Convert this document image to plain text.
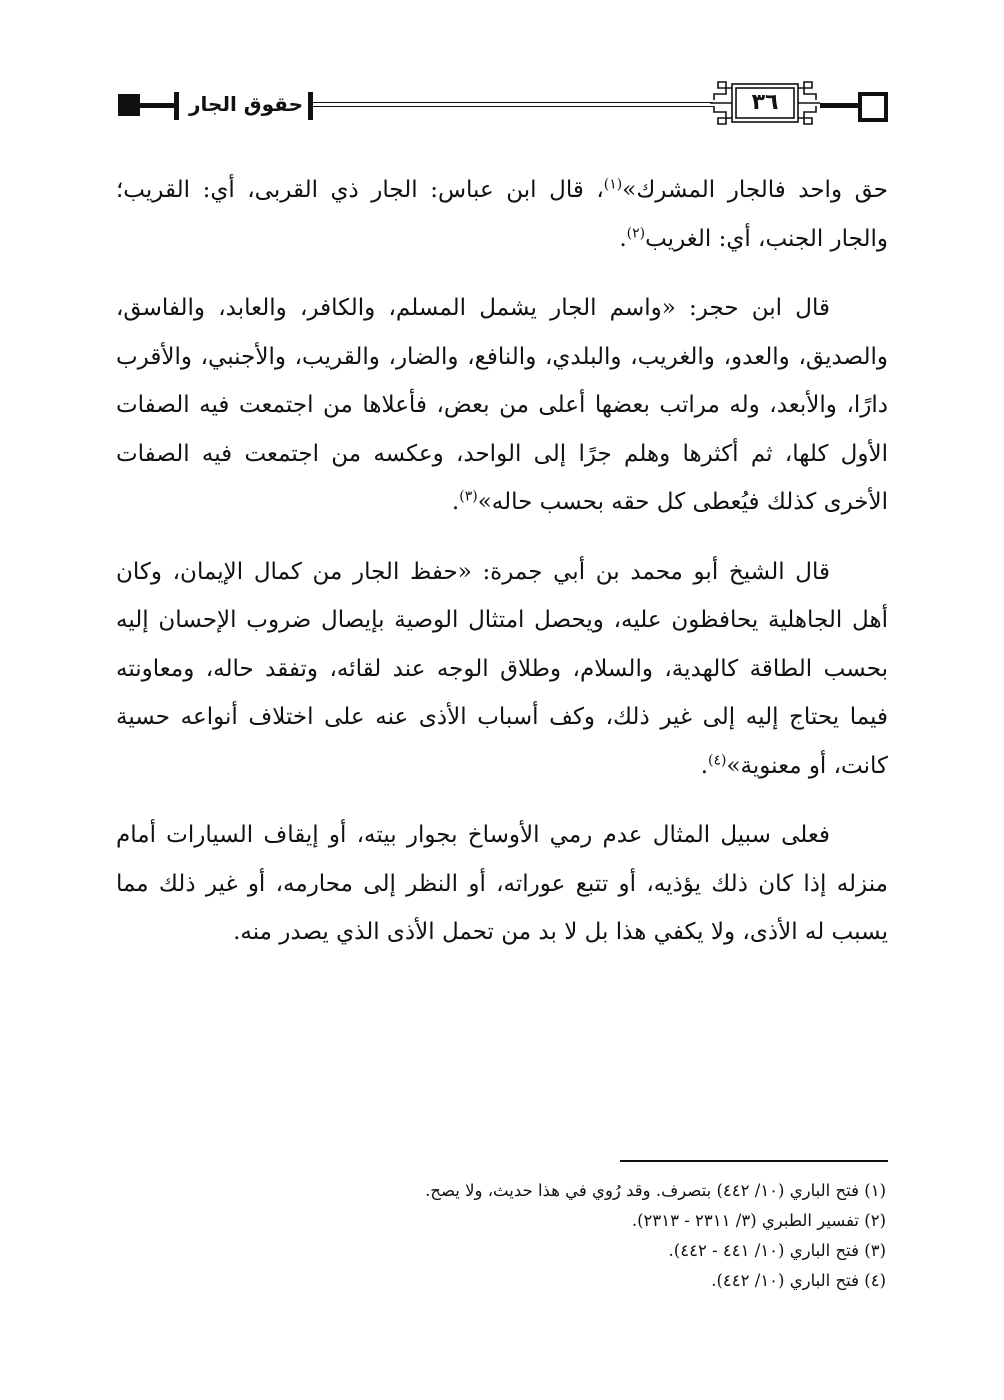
حقوق الجار	٣٦

حق واحد فالجار المشرك»$^{(١)}$، قال ابن عباس: الجار ذي القربى، أي: القريب؛ والجار الجنب، أي: الغريب$^{(٢)}$.

قال ابن حجر: «واسم الجار يشمل المسلم، والكافر، والعابد، والفاسق، والصديق، والعدو، والغريب، والبلدي، والنافع، والضار، والقريب، والأجنبي، والأقرب دارًا، والأبعد، وله مراتب بعضها أعلى من بعض، فأعلاها من اجتمعت فيه الصفات الأول كلها، ثم أكثرها وهلم جرًا إلى الواحد، وعكسه من اجتمعت فيه الصفات الأخرى كذلك فيُعطى كل حقه بحسب حاله»$^{(٣)}$.

قال الشيخ أبو محمد بن أبي جمرة: «حفظ الجار من كمال الإيمان، وكان أهل الجاهلية يحافظون عليه، ويحصل امتثال الوصية بإيصال ضروب الإحسان إليه بحسب الطاقة كالهدية، والسلام، وطلاق الوجه عند لقائه، وتفقد حاله، ومعاونته فيما يحتاج إليه إلى غير ذلك، وكف أسباب الأذى عنه على اختلاف أنواعه حسية كانت، أو معنوية»$^{(٤)}$.

فعلى سبيل المثال عدم رمي الأوساخ بجوار بيته، أو إيقاف السيارات أمام منزله إذا كان ذلك يؤذيه، أو تتبع عوراته، أو النظر إلى محارمه، أو غير ذلك مما يسبب له الأذى، ولا يكفي هذا بل لا بد من تحمل الأذى الذي يصدر منه.

(١) فتح الباري (١٠/ ٤٤٢) بتصرف. وقد رُوي في هذا حديث، ولا يصح.
(٢) تفسير الطبري (٣/ ٢٣١١ - ٢٣١٣).
(٣) فتح الباري (١٠/ ٤٤١ - ٤٤٢).
(٤) فتح الباري (١٠/ ٤٤٢).
